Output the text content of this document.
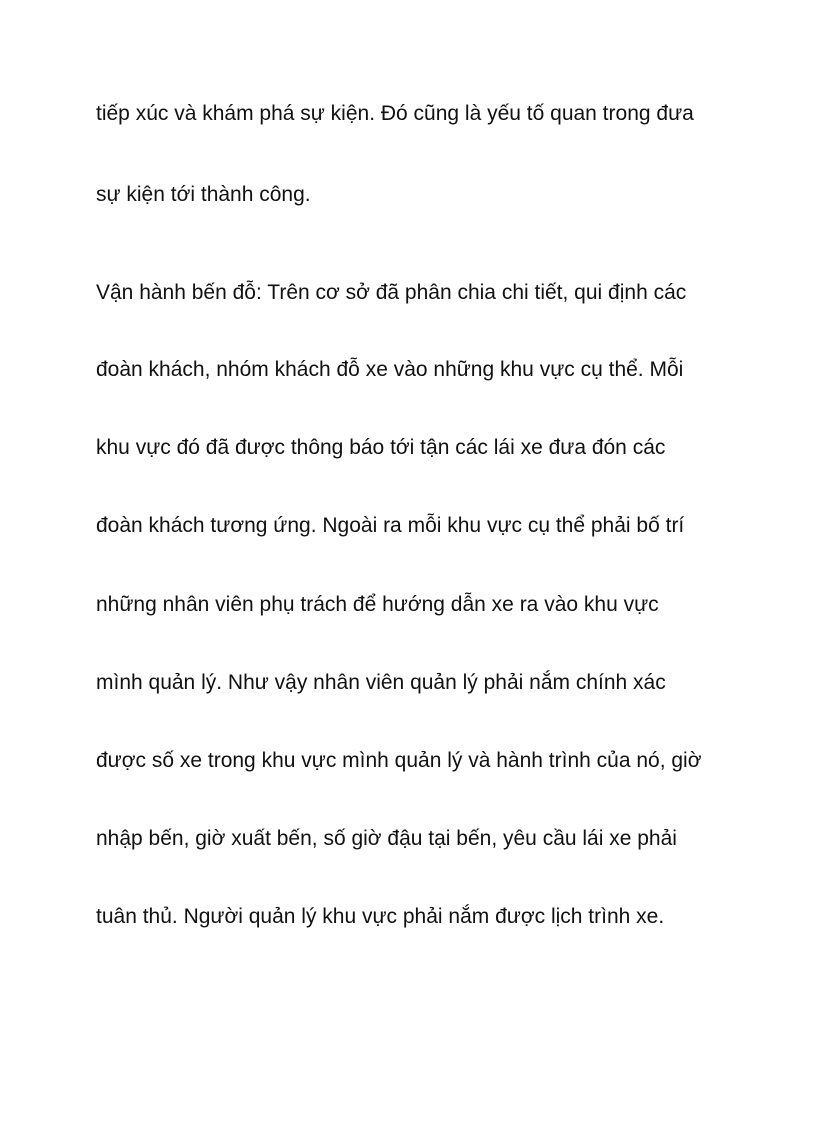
tiếp xúc và khám phá sự kiện. Đó cũng là yếu tố quan trong đưa
sự kiện tới thành công.
Vận hành bến đỗ: Trên cơ sở đã phân chia chi tiết, qui định các
đoàn khách, nhóm khách đỗ xe vào những khu vực cụ thể. Mỗi
khu vực đó đã được thông báo tới tận các lái xe đưa đón các
đoàn khách tương ứng. Ngoài ra mỗi khu vực cụ thể phải bố trí
những nhân viên phụ trách để hướng dẫn xe ra vào khu vực
mình quản lý. Như vậy nhân viên quản lý phải nắm chính xác
được số xe trong khu vực mình quản lý và hành trình của nó, giờ
nhập bến, giờ xuất bến, số giờ đậu tại bến, yêu cầu lái xe phải
tuân thủ. Người quản lý khu vực phải nắm được lịch trình xe.
